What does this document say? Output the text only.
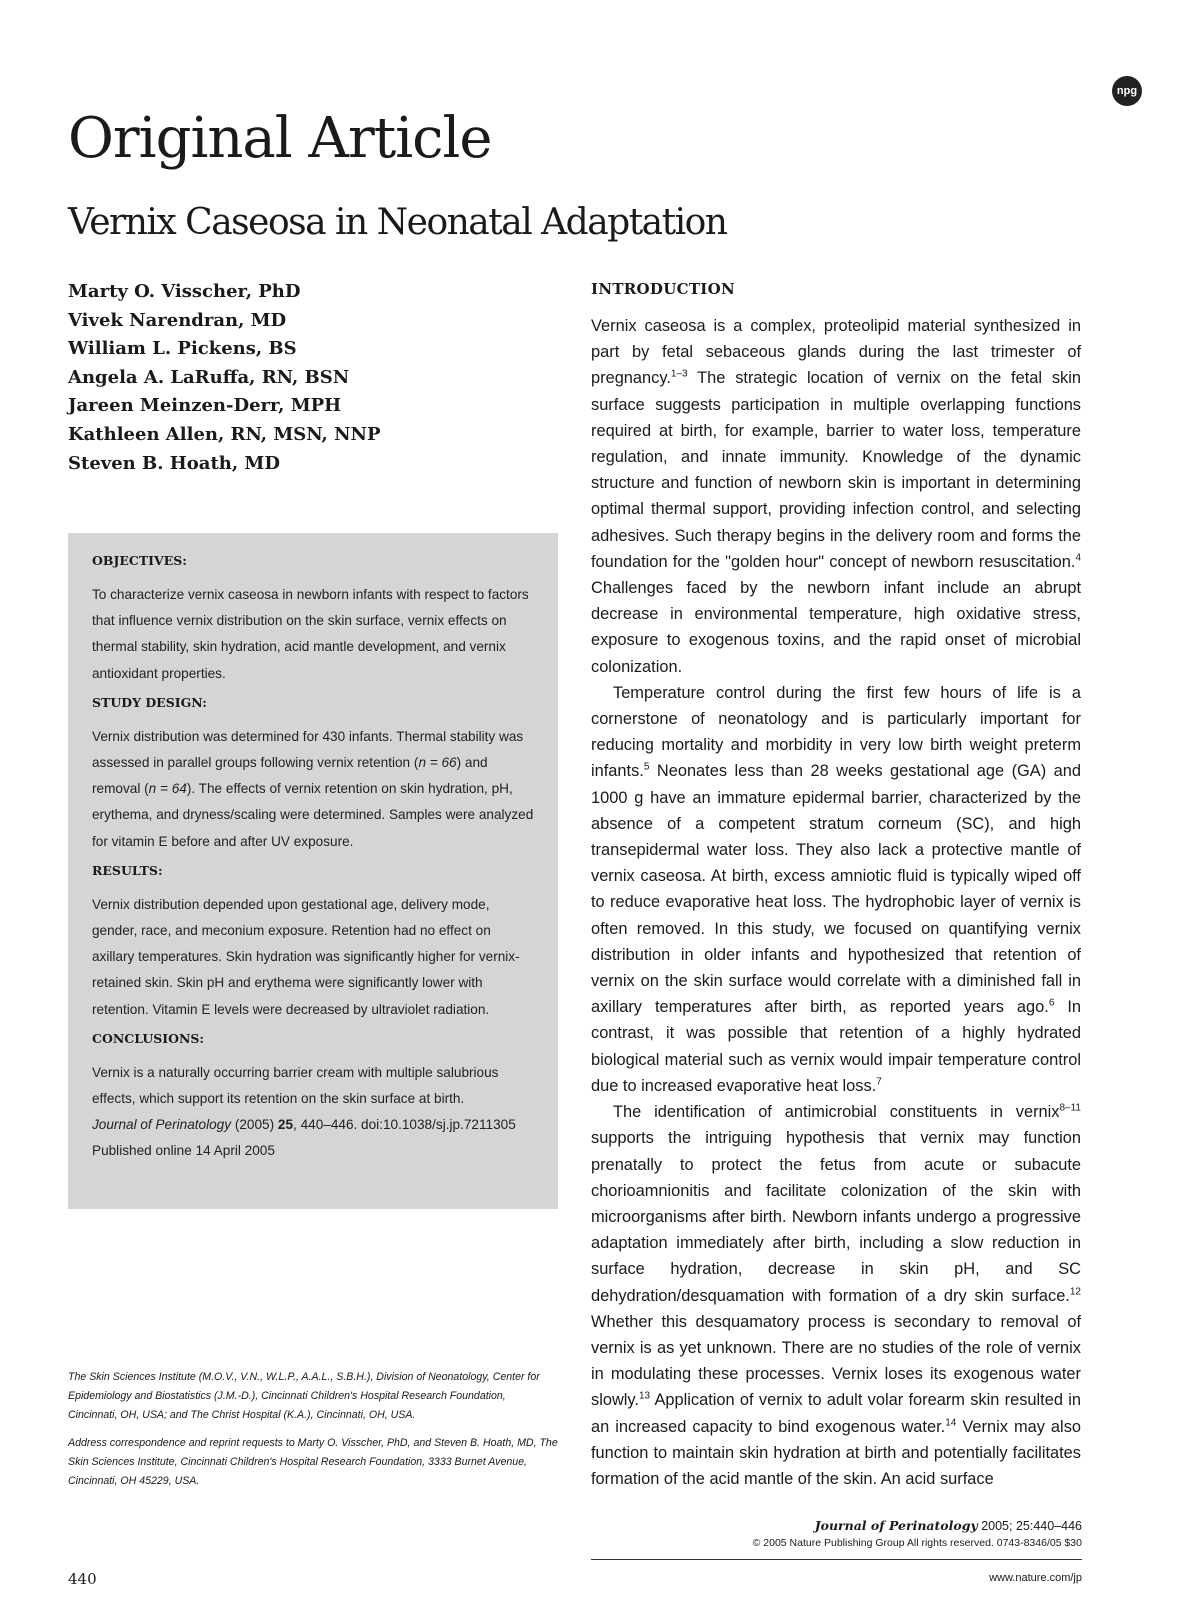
npg
Original Article
Vernix Caseosa in Neonatal Adaptation
Marty O. Visscher, PhD
Vivek Narendran, MD
William L. Pickens, BS
Angela A. LaRuffa, RN, BSN
Jareen Meinzen-Derr, MPH
Kathleen Allen, RN, MSN, NNP
Steven B. Hoath, MD
OBJECTIVES:

To characterize vernix caseosa in newborn infants with respect to factors that influence vernix distribution on the skin surface, vernix effects on thermal stability, skin hydration, acid mantle development, and vernix antioxidant properties.

STUDY DESIGN:

Vernix distribution was determined for 430 infants. Thermal stability was assessed in parallel groups following vernix retention (n = 66) and removal (n = 64). The effects of vernix retention on skin hydration, pH, erythema, and dryness/scaling were determined. Samples were analyzed for vitamin E before and after UV exposure.

RESULTS:

Vernix distribution depended upon gestational age, delivery mode, gender, race, and meconium exposure. Retention had no effect on axillary temperatures. Skin hydration was significantly higher for vernix-retained skin. Skin pH and erythema were significantly lower with retention. Vitamin E levels were decreased by ultraviolet radiation.

CONCLUSIONS:

Vernix is a naturally occurring barrier cream with multiple salubrious effects, which support its retention on the skin surface at birth.
Journal of Perinatology (2005) 25, 440–446. doi:10.1038/sj.jp.7211305
Published online 14 April 2005

The Skin Sciences Institute (M.O.V., V.N., W.L.P., A.A.L., S.B.H.), Division of Neonatology, Center for Epidemiology and Biostatistics (J.M.-D.), Cincinnati Children's Hospital Research Foundation, Cincinnati, OH, USA; and The Christ Hospital (K.A.), Cincinnati, OH, USA.

Address correspondence and reprint requests to Marty O. Visscher, PhD, and Steven B. Hoath, MD, The Skin Sciences Institute, Cincinnati Children's Hospital Research Foundation, 3333 Burnet Avenue, Cincinnati, OH 45229, USA.

INTRODUCTION

Vernix caseosa is a complex, proteolipid material synthesized in part by fetal sebaceous glands during the last trimester of pregnancy.$^{1-3}$ The strategic location of vernix on the fetal skin surface suggests participation in multiple overlapping functions required at birth, for example, barrier to water loss, temperature regulation, and innate immunity. Knowledge of the dynamic structure and function of newborn skin is important in determining optimal thermal support, providing infection control, and selecting adhesives. Such therapy begins in the delivery room and forms the foundation for the "golden hour" concept of newborn resuscitation.$^4$ Challenges faced by the newborn infant include an abrupt decrease in environmental temperature, high oxidative stress, exposure to exogenous toxins, and the rapid onset of microbial colonization.

Temperature control during the first few hours of life is a cornerstone of neonatology and is particularly important for reducing mortality and morbidity in very low birth weight preterm infants.$^5$ Neonates less than 28 weeks gestational age (GA) and 1000 g have an immature epidermal barrier, characterized by the absence of a competent stratum corneum (SC), and high transepidermal water loss. They also lack a protective mantle of vernix caseosa. At birth, excess amniotic fluid is typically wiped off to reduce evaporative heat loss. The hydrophobic layer of vernix is often removed. In this study, we focused on quantifying vernix distribution in older infants and hypothesized that retention of vernix on the skin surface would correlate with a diminished fall in axillary temperatures after birth, as reported years ago.$^6$ In contrast, it was possible that retention of a highly hydrated biological material such as vernix would impair temperature control due to increased evaporative heat loss.$^7$

The identification of antimicrobial constituents in vernix$^{8-11}$ supports the intriguing hypothesis that vernix may function prenatally to protect the fetus from acute or subacute chorioamnionitis and facilitate colonization of the skin with microorganisms after birth. Newborn infants undergo a progressive adaptation immediately after birth, including a slow reduction in surface hydration, decrease in skin pH, and SC dehydration/desquamation with formation of a dry skin surface.$^{12}$ Whether this desquamatory process is secondary to removal of vernix is as yet unknown. There are no studies of the role of vernix in modulating these processes. Vernix loses its exogenous water slowly.$^{13}$ Application of vernix to adult volar forearm skin resulted in an increased capacity to bind exogenous water.$^{14}$ Vernix may also function to maintain skin hydration at birth and potentially facilitates formation of the acid mantle of the skin. An acid surface

Journal of Perinatology 2005; 25:440–446
© 2005 Nature Publishing Group All rights reserved. 0743-8346/05 $30

440	www.nature.com/jp
